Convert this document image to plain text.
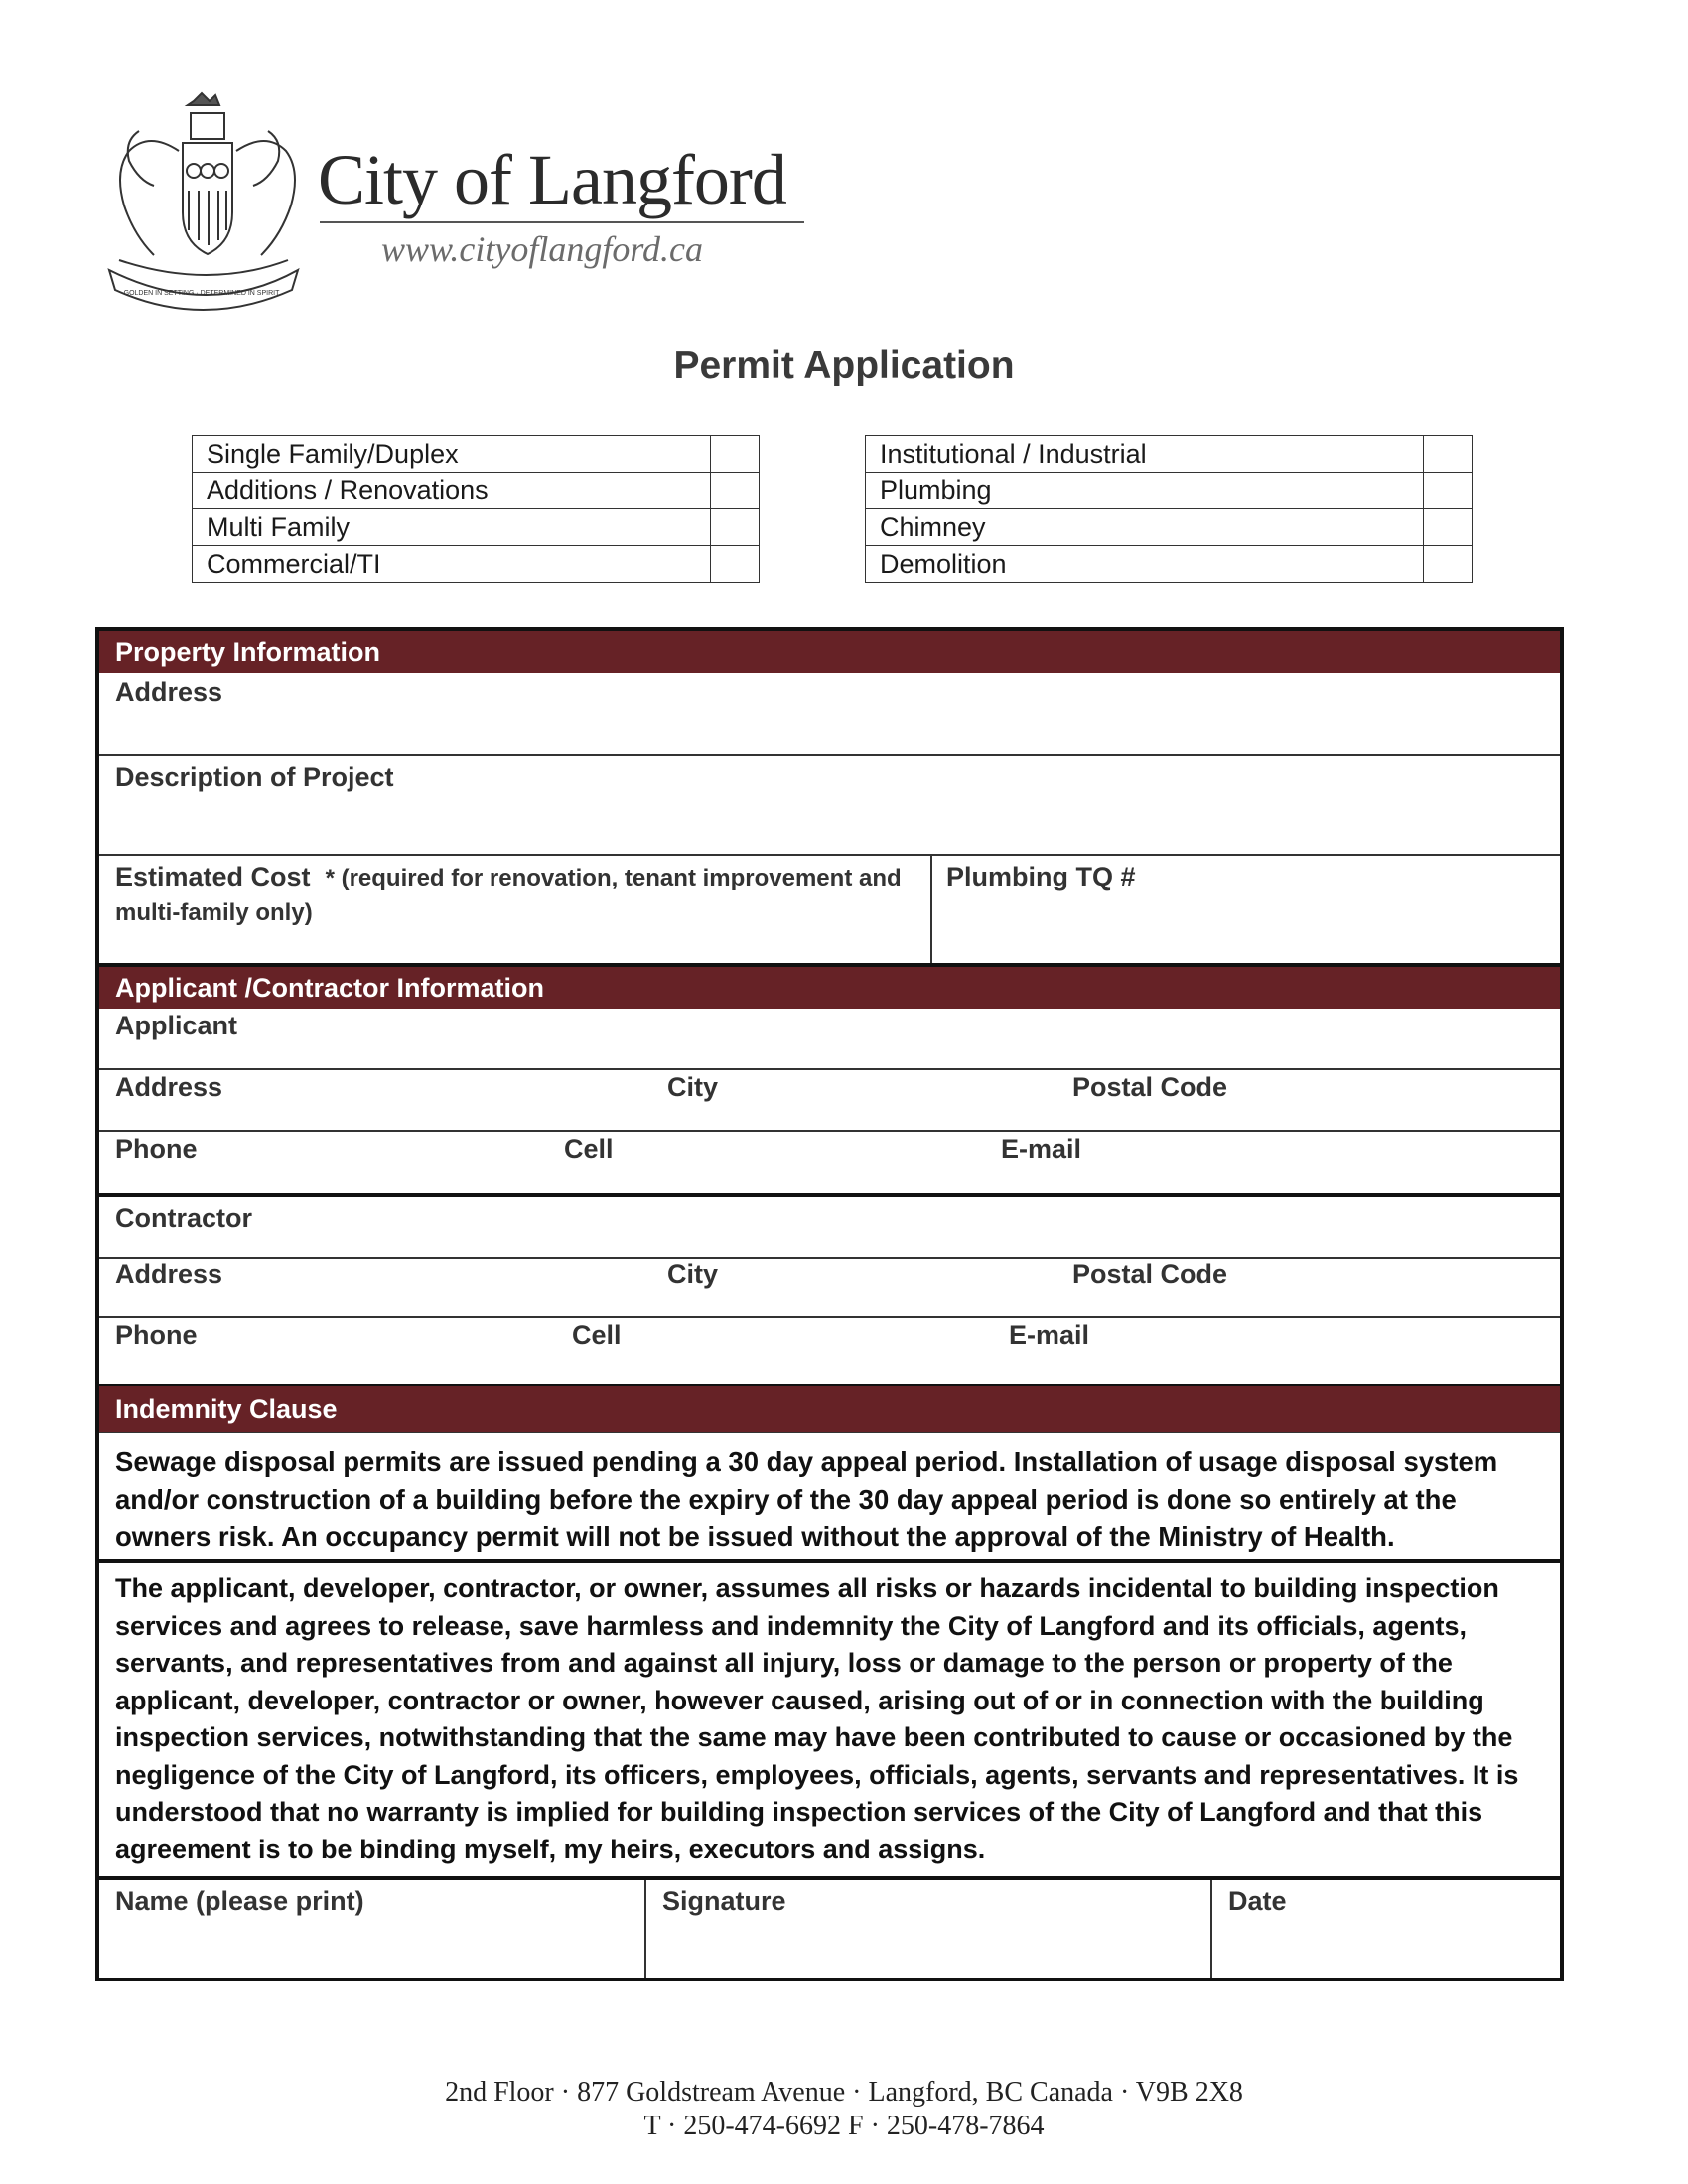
GOLDEN IN SETTING · DETERMINED IN SPIRIT
City of Langford
www.cityoflangford.ca
Permit Application
Single Family/Duplex	
Additions / Renovations	
Multi Family	
Commercial/TI	
Institutional / Industrial	
Plumbing	
Chimney	
Demolition	
Property Information
Address
Description of Project
Estimated Cost * (required for renovation, tenant improvement and
multi-family only)
Plumbing TQ #
Applicant /Contractor Information
Applicant
Address	City	Postal Code
Phone	Cell	E-mail
Contractor
Address	City	Postal Code
Phone	Cell	E-mail
Indemnity Clause
Sewage disposal permits are issued pending a 30 day appeal period. Installation of usage disposal system and/or construction of a building before the expiry of the 30 day appeal period is done so entirely at the owners risk. An occupancy permit will not be issued without the approval of the Ministry of Health.
The applicant, developer, contractor, or owner, assumes all risks or hazards incidental to building inspection services and agrees to release, save harmless and indemnity the City of Langford and its officials, agents, servants, and representatives from and against all injury, loss or damage to the person or property of the applicant, developer, contractor or owner, however caused, arising out of or in connection with the building inspection services, notwithstanding that the same may have been contributed to cause or occasioned by the negligence of the City of Langford, its officers, employees, officials, agents, servants and representatives. It is understood that no warranty is implied for building inspection services of the City of Langford and that this agreement is to be binding myself, my heirs, executors and assigns.
Name (please print)	Signature	Date
2nd Floor · 877 Goldstream Avenue · Langford, BC Canada · V9B 2X8
T · 250-474-6692 F · 250-478-7864
